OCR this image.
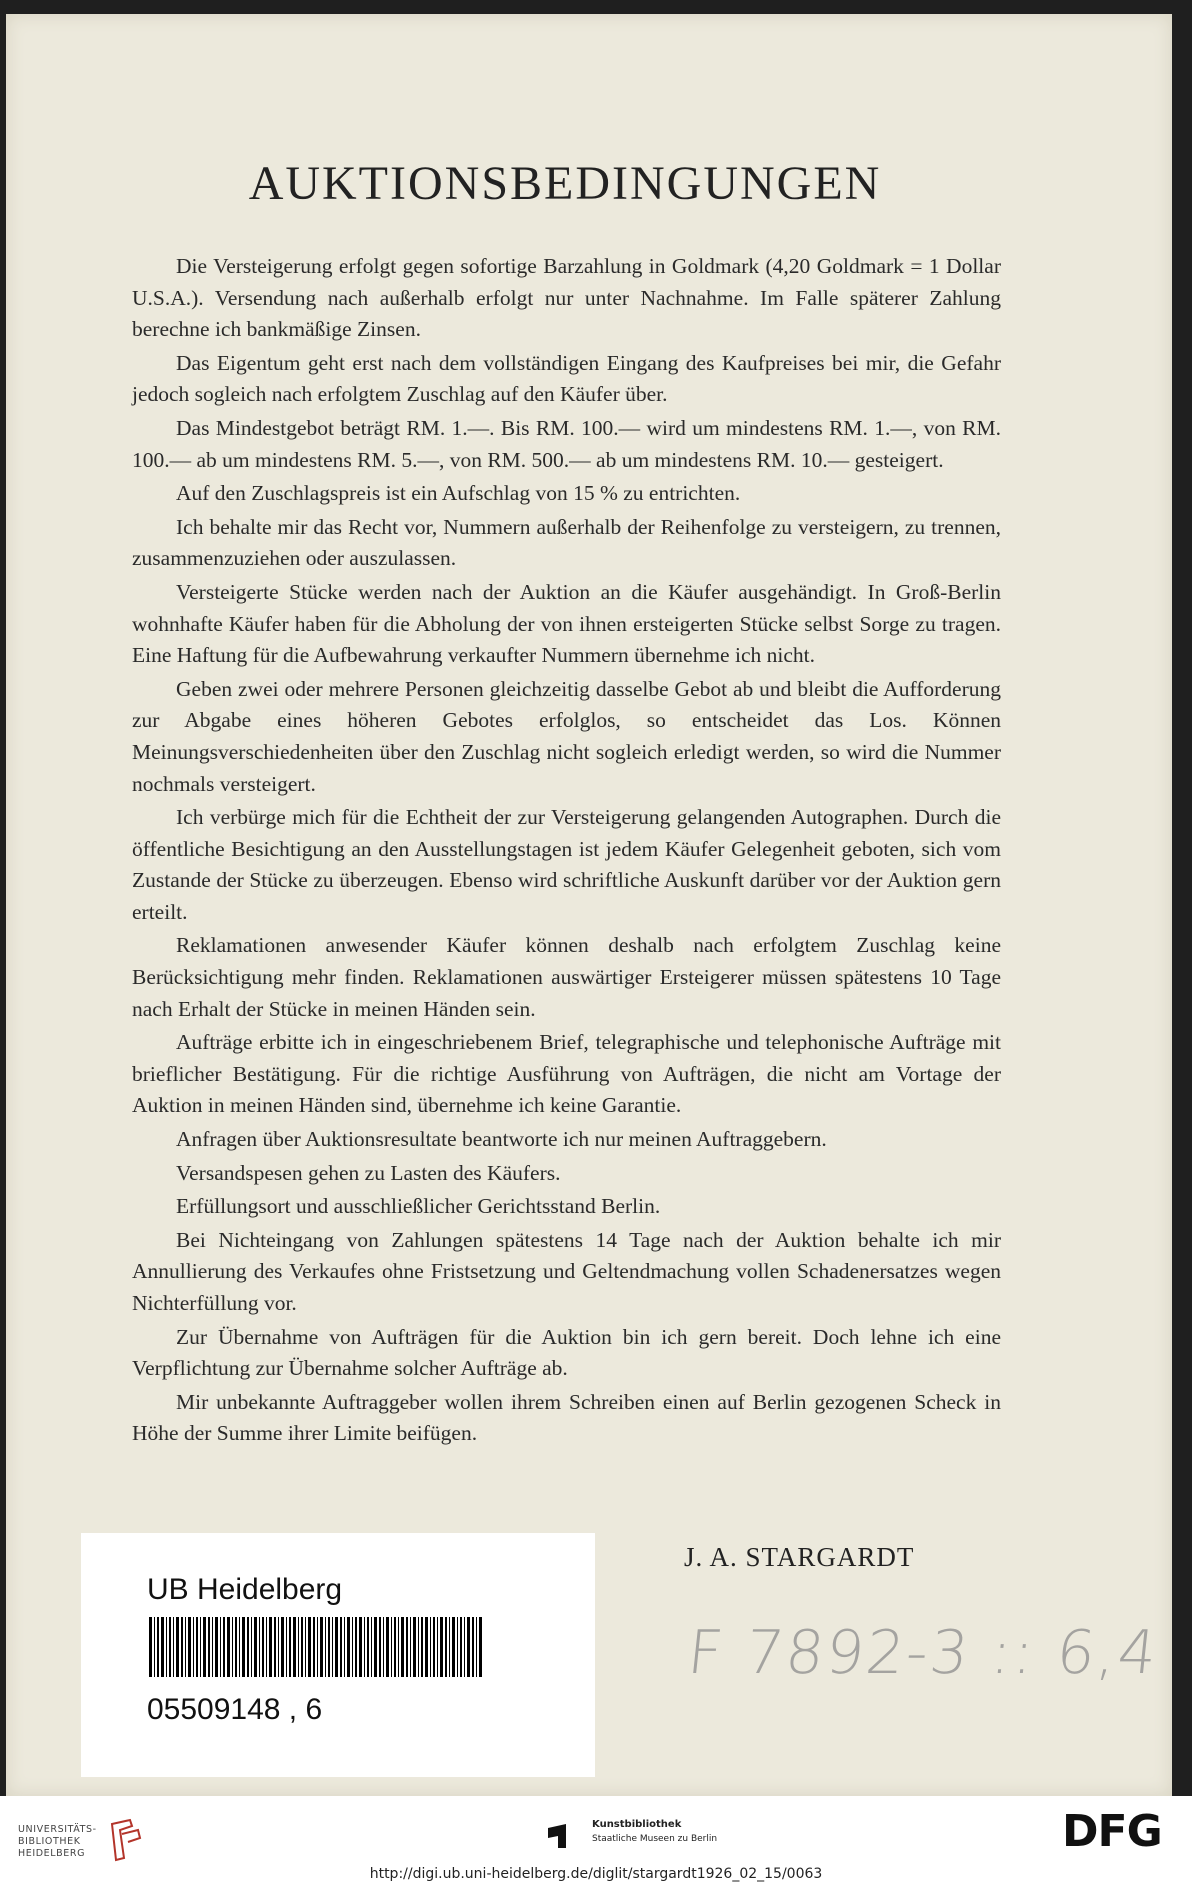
AUKTIONSBEDINGUNGEN

Die Versteigerung erfolgt gegen sofortige Barzahlung in Goldmark (4,20 Goldmark = 1 Dollar U.S.A.). Versendung nach außerhalb erfolgt nur unter Nachnahme. Im Falle späterer Zahlung berechne ich bankmäßige Zinsen.

Das Eigentum geht erst nach dem vollständigen Eingang des Kaufpreises bei mir, die Gefahr jedoch sogleich nach erfolgtem Zuschlag auf den Käufer über.

Das Mindestgebot beträgt RM. 1.—. Bis RM. 100.— wird um mindestens RM. 1.—, von RM. 100.— ab um mindestens RM. 5.—, von RM. 500.— ab um mindestens RM. 10.— gesteigert.

Auf den Zuschlagspreis ist ein Aufschlag von 15 % zu entrichten.

Ich behalte mir das Recht vor, Nummern außerhalb der Reihenfolge zu versteigern, zu trennen, zusammenzuziehen oder auszulassen.

Versteigerte Stücke werden nach der Auktion an die Käufer ausgehändigt. In Groß-Berlin wohnhafte Käufer haben für die Abholung der von ihnen ersteigerten Stücke selbst Sorge zu tragen. Eine Haftung für die Aufbewahrung verkaufter Nummern übernehme ich nicht.

Geben zwei oder mehrere Personen gleichzeitig dasselbe Gebot ab und bleibt die Aufforderung zur Abgabe eines höheren Gebotes erfolglos, so entscheidet das Los. Können Meinungsverschiedenheiten über den Zuschlag nicht sogleich erledigt werden, so wird die Nummer nochmals versteigert.

Ich verbürge mich für die Echtheit der zur Versteigerung gelangenden Autographen. Durch die öffentliche Besichtigung an den Ausstellungstagen ist jedem Käufer Gelegenheit geboten, sich vom Zustande der Stücke zu überzeugen. Ebenso wird schriftliche Auskunft darüber vor der Auktion gern erteilt.

Reklamationen anwesender Käufer können deshalb nach erfolgtem Zuschlag keine Berücksichtigung mehr finden. Reklamationen auswärtiger Ersteigerer müssen spätestens 10 Tage nach Erhalt der Stücke in meinen Händen sein.

Aufträge erbitte ich in eingeschriebenem Brief, telegraphische und telephonische Aufträge mit brieflicher Bestätigung. Für die richtige Ausführung von Aufträgen, die nicht am Vortage der Auktion in meinen Händen sind, übernehme ich keine Garantie.

Anfragen über Auktionsresultate beantworte ich nur meinen Auftraggebern.

Versandspesen gehen zu Lasten des Käufers.

Erfüllungsort und ausschließlicher Gerichtsstand Berlin.

Bei Nichteingang von Zahlungen spätestens 14 Tage nach der Auktion behalte ich mir Annullierung des Verkaufes ohne Fristsetzung und Geltendmachung vollen Schadenersatzes wegen Nichterfüllung vor.

Zur Übernahme von Aufträgen für die Auktion bin ich gern bereit. Doch lehne ich eine Verpflichtung zur Übernahme solcher Aufträge ab.

Mir unbekannte Auftraggeber wollen ihrem Schreiben einen auf Berlin gezogenen Scheck in Höhe der Summe ihrer Limite beifügen.

J. A. STARGARDT
F 7892-3 :: 6,4
UB Heidelberg
05509148 , 6
UNIVERSITÄTS-
BIBLIOTHEK
HEIDELBERG
Kunstbibliothek
Staatliche Museen zu Berlin	DFG
http://digi.ub.uni-heidelberg.de/diglit/stargardt1926_02_15/0063
